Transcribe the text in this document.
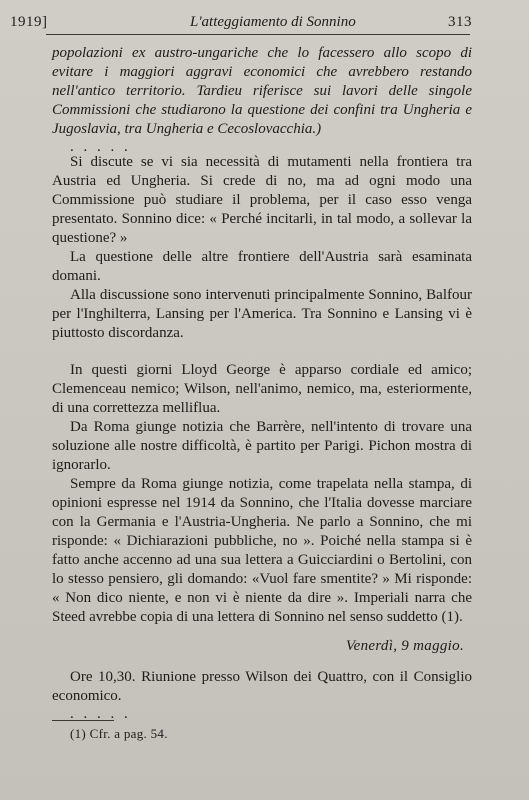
1919]	L'atteggiamento di Sonnino	313

popolazioni ex austro-ungariche che lo facessero allo scopo di evitare i maggiori aggravi economici che avrebbero restando nell'antico territorio. Tardieu riferisce sui lavori delle singole Commissioni che studiarono la questione dei confini tra Ungheria e Jugoslavia, tra Ungheria e Cecoslovacchia.)

. . . . .

Si discute se vi sia necessità di mutamenti nella frontiera tra Austria ed Ungheria. Si crede di no, ma ad ogni modo una Commissione può studiare il problema, per il caso esso venga presentato. Sonnino dice: « Perché incitarli, in tal modo, a sollevar la questione? »

La questione delle altre frontiere dell'Austria sarà esaminata domani.

Alla discussione sono intervenuti principalmente Sonnino, Balfour per l'Inghilterra, Lansing per l'America. Tra Sonnino e Lansing vi è piuttosto discordanza.

In questi giorni Lloyd George è apparso cordiale ed amico; Clemenceau nemico; Wilson, nell'animo, nemico, ma, esteriormente, di una correttezza melliflua.

Da Roma giunge notizia che Barrère, nell'intento di trovare una soluzione alle nostre difficoltà, è partito per Parigi. Pichon mostra di ignorarlo.

Sempre da Roma giunge notizia, come trapelata nella stampa, di opinioni espresse nel 1914 da Sonnino, che l'Italia dovesse marciare con la Germania e l'Austria-Ungheria. Ne parlo a Sonnino, che mi risponde: « Dichiarazioni pubbliche, no ». Poiché nella stampa si è fatto anche accenno ad una sua lettera a Guicciardini o Bertolini, con lo stesso pensiero, gli domando: «Vuol fare smentite? » Mi risponde: « Non dico niente, e non vi è niente da dire ». Imperiali narra che Steed avrebbe copia di una lettera di Sonnino nel senso suddetto (1).

Venerdì, 9 maggio.

Ore 10,30. Riunione presso Wilson dei Quattro, con il Consiglio economico.

. . . . .
(1) Cfr. a pag. 54.
